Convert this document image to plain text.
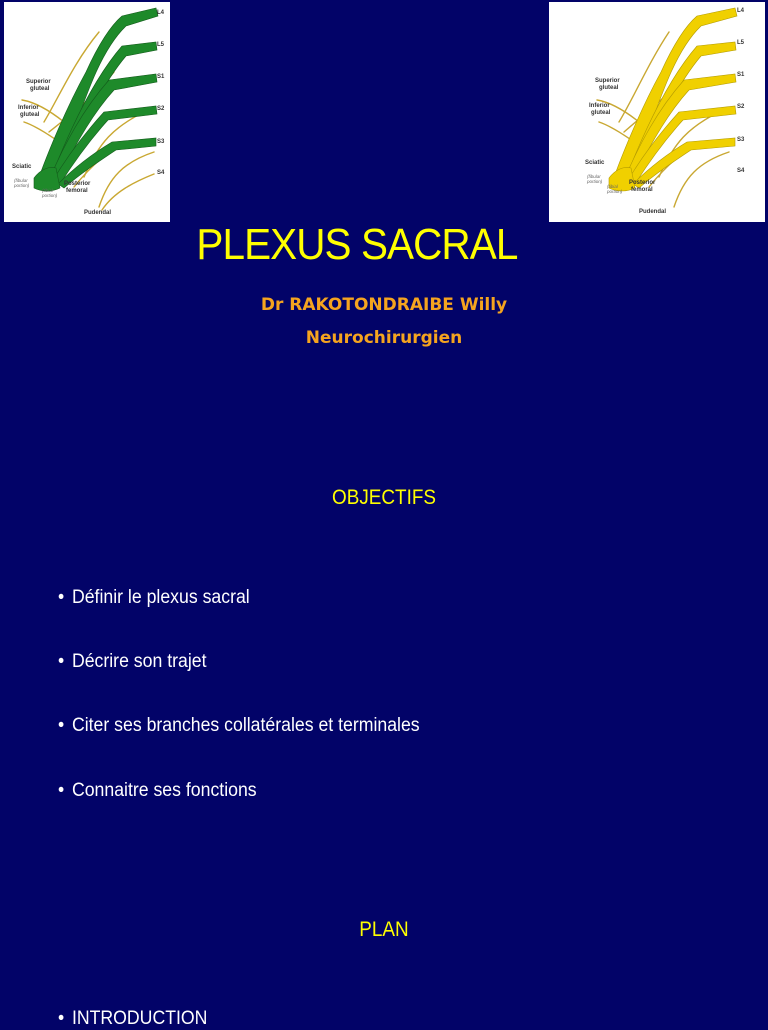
L4
L5
S1
S2
S3
S4
Superior
gluteal
Inferior
gluteal
Sciatic
(fibular
portion)
(tibial
portion)
Posterior
femoral
Pudendal
L4
L5
S1
S2
S3
S4
Superior
gluteal
Inferior
gluteal
Sciatic
(fibular
portion)
(tibial
portion)
Posterior
femoral
Pudendal
PLEXUS SACRAL
Dr RAKOTONDRAIBE Willy
Neurochirurgien
OBJECTIFS
• Définir le plexus sacral
• Décrire son trajet
• Citer ses branches collatérales et terminales
• Connaitre ses fonctions
PLAN
• INTRODUCTION
